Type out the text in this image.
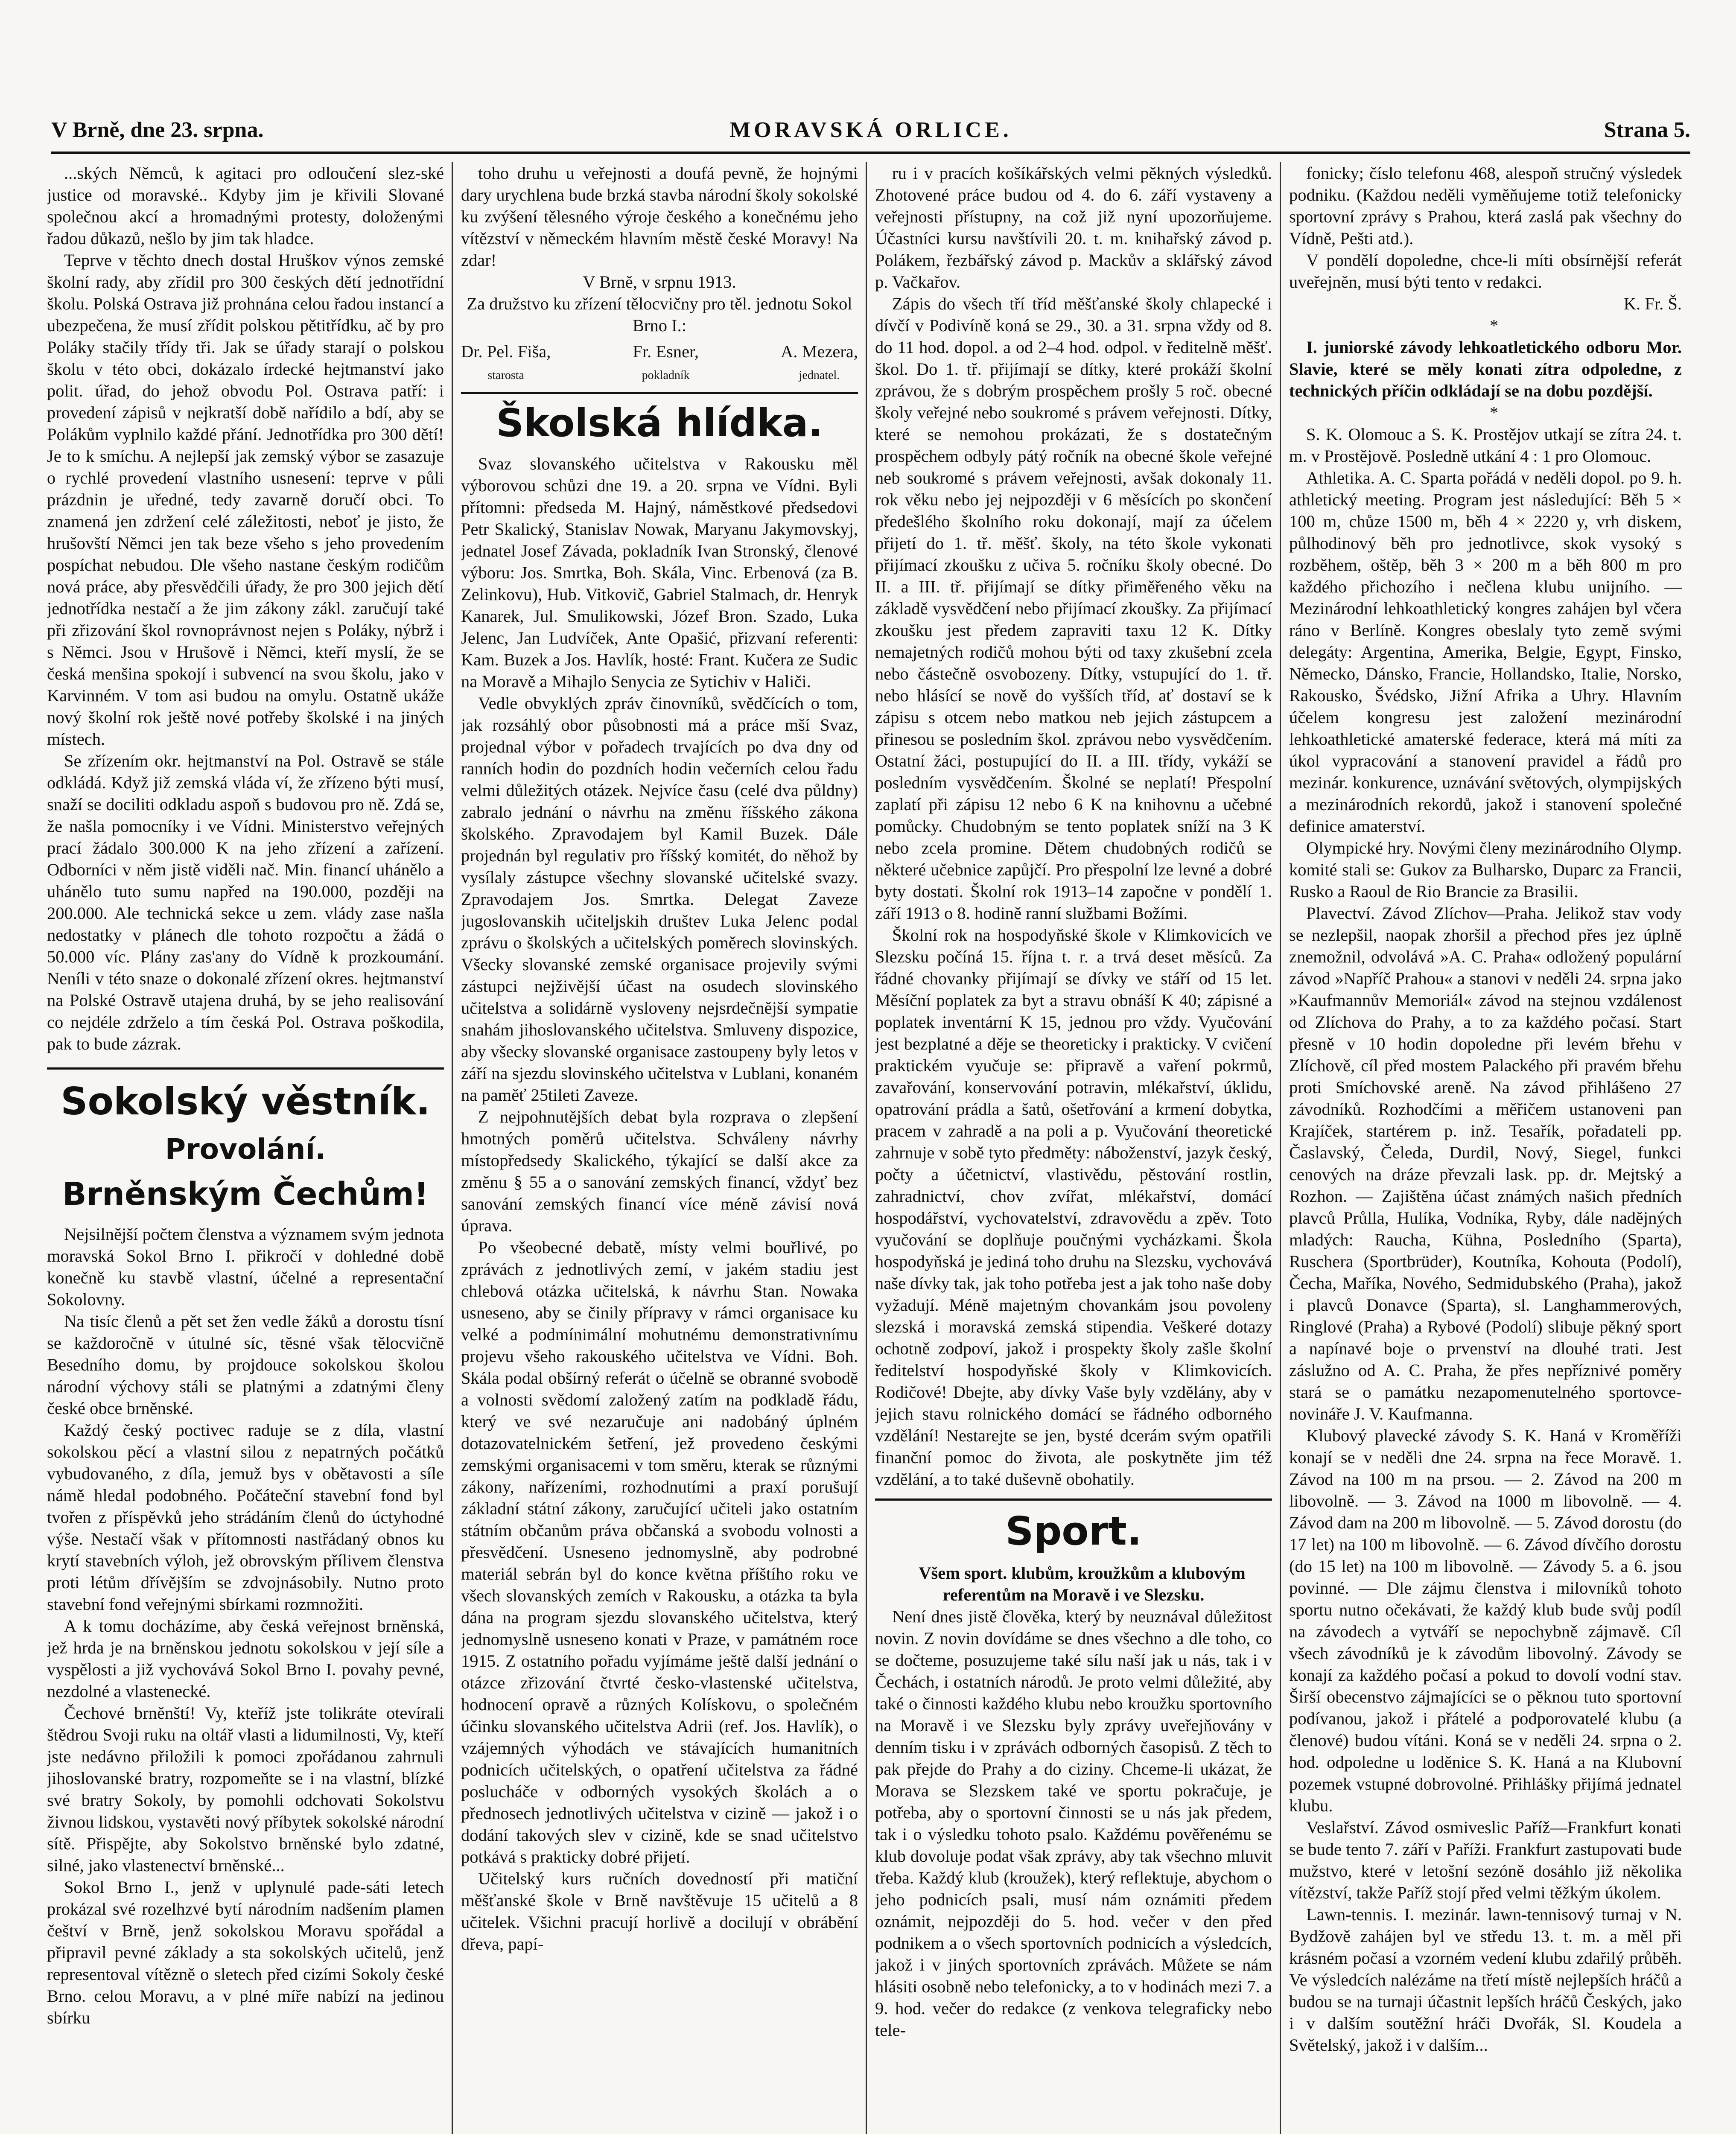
V Brně, dne 23. srpna.	MORAVSKÁ ORLICE.	Strana 5.

...ských Němců, k agitaci pro odloučení slez-ské justice od moravské.. Kdyby jim je křivili Slované společnou akcí a hromadnými protesty, doloženými řadou důkazů, nešlo by jim tak hladce.

Teprve v těchto dnech dostal Hruškov výnos zemské školní rady, aby zřídil pro 300 českých dětí jednotřídní školu. Polská Ostrava již prohnána celou řadou instancí a ubezpečena, že musí zřídit polskou pětitřídku, ač by pro Poláky stačily třídy tři. Jak se úřady starají o polskou školu v této obci, dokázalo írdecké hejtmanství jako polit. úřad, do jehož obvodu Pol. Ostrava patří: i provedení zápisů v nejkratší době nařídilo a bdí, aby se Polákům vyplnilo každé přání. Jednotřídka pro 300 dětí! Je to k smíchu. A nejlepší jak zemský výbor se zasazuje o rychlé provedení vlastního usnesení: teprve v půli prázdnin je uředné, tedy zavarně doručí obci. To znamená jen zdržení celé záležitosti, neboť je jisto, že hrušovští Němci jen tak beze všeho s jeho provedením pospíchat nebudou. Dle všeho nastane českým rodičům nová práce, aby přesvědčili úřady, že pro 300 jejich dětí jednotřídka nestačí a že jim zákony zákl. zaručují také při zřizování škol rovnoprávnost nejen s Poláky, nýbrž i s Němci. Jsou v Hrušově i Němci, kteří myslí, že se česká menšina spokojí i subvencí na svou školu, jako v Karvinném. V tom asi budou na omylu. Ostatně ukáže nový školní rok ještě nové potřeby školské i na jiných místech.

Se zřízením okr. hejtmanství na Pol. Ostravě se stále odkládá. Když již zemská vláda ví, že zřízeno býti musí, snaží se dociliti odkladu aspoň s budovou pro ně. Zdá se, že našla pomocníky i ve Vídni. Ministerstvo veřejných prací žádalo 300.000 K na jeho zřízení a zařízení. Odborníci v něm jistě viděli nač. Min. financí uhánělo a uhánělo tuto sumu napřed na 190.000, později na 200.000. Ale technická sekce u zem. vlády zase našla nedostatky v plánech dle tohoto rozpočtu a žádá o 50.000 víc. Plány zas'any do Vídně k prozkoumání. Neníli v této snaze o dokonalé zřízení okres. hejtmanství na Polské Ostravě utajena druhá, by se jeho realisování co nejdéle zdrželo a tím česká Pol. Ostrava poškodila, pak to bude zázrak.

Sokolský věstník.
Provolání.
Brněnským Čechům!

Nejsilnější počtem členstva a významem svým jednota moravská Sokol Brno I. přikročí v dohledné době konečně ku stavbě vlastní, účelné a representační Sokolovny.

Na tisíc členů a pět set žen vedle žáků a dorostu tísní se každoročně v útulné síc, těsné však tělocvičně Besedního domu, by projdouce sokolskou školou národní výchovy stáli se platnými a zdatnými členy české obce brněnské.

Každý český poctivec raduje se z díla, vlastní sokolskou pěcí a vlastní silou z nepatrných počátků vybudovaného, z díla, jemuž bys v obětavosti a síle námě hledal podobného. Počáteční stavební fond byl tvořen z příspěvků jeho strádáním členů do úctyhodné výše. Nestačí však v přítomnosti nastřádaný obnos ku krytí stavebních výloh, jež obrovským přílivem členstva proti létům dřívějším se zdvojnásobily. Nutno proto stavební fond veřejnými sbírkami rozmnožiti.

A k tomu docházíme, aby česká veřejnost brněnská, jež hrda je na brněnskou jednotu sokolskou v její síle a vyspělosti a již vychovává Sokol Brno I. povahy pevné, nezdolné a vlastenecké.

Čechové brněnští! Vy, kteříž jste tolikráte otevírali štědrou Svoji ruku na oltář vlasti a lidumilnosti, Vy, kteří jste nedávno přiložili k pomoci zpořádanou zahrnuli jihoslovanské bratry, rozpomeňte se i na vlastní, blízké své bratry Sokoly, by pomohli odchovati Sokolstvu živnou lidskou, vystavěti nový příbytek sokolské národní sítě. Přispějte, aby Sokolstvo brněnské bylo zdatné, silné, jako vlastenectví brněnské...

Sokol Brno I., jenž v uplynulé pade-sáti letech prokázal své rozelhzvé bytí národním nadšením plamen češtví v Brně, jenž sokolskou Moravu spořádal a připravil pevné základy a sta sokolských učitelů, jenž representoval vítězně o sletech před cizími Sokoly české Brno. celou Moravu, a v plné míře nabízí na jedinou sbírku

toho druhu u veřejnosti a doufá pevně, že hojnými dary urychlena bude brzká stavba národní školy sokolské ku zvýšení tělesného výroje českého a konečnému jeho vítězství v německém hlavním městě české Moravy! Na zdar!

V Brně, v srpnu 1913.

Za družstvo ku zřízení tělocvičny pro těl. jednotu Sokol Brno I.:

Dr. Pel. Fiša,
starosta
Fr. Esner,
pokladník
A. Mezera,
jednatel.
Školská hlídka.

Svaz slovanského učitelstva v Rakousku měl výborovou schůzi dne 19. a 20. srpna ve Vídni. Byli přítomni: předseda M. Hajný, náměstkové předsedovi Petr Skalický, Stanislav Nowak, Maryanu Jakymovskyj, jednatel Josef Závada, pokladník Ivan Stronský, členové výboru: Jos. Smrtka, Boh. Skála, Vinc. Erbenová (za B. Zelinkovu), Hub. Vitkovič, Gabriel Stalmach, dr. Henryk Kanarek, Jul. Smulikowski, Józef Bron. Szado, Luka Jelenc, Jan Ludvíček, Ante Opašić, přizvaní referenti: Kam. Buzek a Jos. Havlík, hosté: Frant. Kučera ze Sudic na Moravě a Mihajlo Senycia ze Sytichiv v Haliči.

Vedle obvyklých zpráv činovníků, svědčících o tom, jak rozsáhlý obor působnosti má a práce mší Svaz, projednal výbor v pořadech trvajících po dva dny od ranních hodin do pozdních hodin večerních celou řadu velmi důležitých otázek. Nejvíce času (celé dva půldny) zabralo jednání o návrhu na změnu říšského zákona školského. Zpravodajem byl Kamil Buzek. Dále projednán byl regulativ pro říšský komitét, do něhož by vysílaly zástupce všechny slovanské učitelské svazy. Zpravodajem Jos. Smrtka. Delegat Zaveze jugoslovanskih učiteljskih društev Luka Jelenc podal zprávu o školských a učitelských poměrech slovinských. Všecky slovanské zemské organisace projevily svými zástupci nejživější účast na osudech slovinského učitelstva a solidárně vysloveny nejsrdečnější sympatie snahám jihoslovanského učitelstva. Smluveny dispozice, aby všecky slovanské organisace zastoupeny byly letos v září na sjezdu slovinského učitelstva v Lublani, konaném na paměť 25tileti Zaveze.

Z nejpohnutějších debat byla rozprava o zlepšení hmotných poměrů učitelstva. Schváleny návrhy místopředsedy Skalického, týkající se další akce za změnu § 55 a o sanování zemských financí, vždyť bez sanování zemských financí více méně závisí nová úprava.

Po všeobecné debatě, místy velmi bouřlivé, po zprávách z jednotlivých zemí, v jakém stadiu jest chlebová otázka učitelská, k návrhu Stan. Nowaka usneseno, aby se činily přípravy v rámci organisace ku velké a podmínimální mohutnému demonstrativnímu projevu všeho rakouského učitelstva ve Vídni. Boh. Skála podal obšírný referát o účelně se obranné svobodě a volnosti svědomí založený zatím na podkladě řádu, který ve své nezaručuje ani nadobáný úplném dotazovatelnickém šetření, jež provedeno českými zemskými organisacemi v tom směru, kterak se různými zákony, nařízeními, rozhodnutími a praxí porušují základní státní zákony, zaručující učiteli jako ostatním státním občanům práva občanská a svobodu volnosti a přesvědčení. Usneseno jednomyslně, aby podrobné materiál sebrán byl do konce května příštího roku ve všech slovanských zemích v Rakousku, a otázka ta byla dána na program sjezdu slovanského učitelstva, který jednomyslně usneseno konati v Praze, v památném roce 1915. Z ostatního pořadu vyjímáme ještě další jednání o otázce zřizování čtvrté česko-vlastenské učitelstva, hodnocení opravě a různých Kolískovu, o společném účinku slovanského učitelstva Adrii (ref. Jos. Havlík), o vzájemných výhodách ve stávajících humanitních podnicích učitelských, o opatření učitelstva za řádné poslucháče v odborných vysokých školách a o přednosech jednotlivých učitelstva v cizině — jakož i o dodání takových slev v cizině, kde se snad učitelstvo potkává s prakticky dobré přijetí.

Učitelský kurs ručních dovedností při matiční měšťanské škole v Brně navštěvuje 15 učitelů a 8 učitelek. Všichni pracují horlivě a docilují v obrábění dřeva, papí-

ru i v pracích košíkářských velmi pěkných výsledků. Zhotovené práce budou od 4. do 6. září vystaveny a veřejnosti přístupny, na což již nyní upozorňujeme. Účastníci kursu navštívili 20. t. m. knihařský závod p. Polákem, řezbářský závod p. Mackův a sklářský závod p. Vačkařov.

Zápis do všech tří tříd měšťanské školy chlapecké i dívčí v Podivíně koná se 29., 30. a 31. srpna vždy od 8. do 11 hod. dopol. a od 2–4 hod. odpol. v ředitelně měšť. škol. Do 1. tř. přijímají se dítky, které prokáží školní zprávou, že s dobrým prospěchem prošly 5 roč. obecné školy veřejné nebo soukromé s právem veřejnosti. Dítky, které se nemohou prokázati, že s dostatečným prospěchem odbyly pátý ročník na obecné škole veřejné neb soukromé s právem veřejnosti, avšak dokonaly 11. rok věku nebo jej nejpozději v 6 měsících po skončení předešlého školního roku dokonají, mají za účelem přijetí do 1. tř. měšť. školy, na této škole vykonati přijímací zkoušku z učiva 5. ročníku školy obecné. Do II. a III. tř. přijímají se dítky přiměřeného věku na základě vysvědčení nebo přijímací zkoušky. Za přijímací zkoušku jest předem zapraviti taxu 12 K. Dítky nemajetných rodičů mohou býti od taxy zkušební zcela nebo částečně osvobozeny. Dítky, vstupující do 1. tř. nebo hlásící se nově do vyšších tříd, ať dostaví se k zápisu s otcem nebo matkou neb jejich zástupcem a přinesou se posledním škol. zprávou nebo vysvědčením. Ostatní žáci, postupující do II. a III. třídy, vykáží se posledním vysvědčením. Školné se neplatí! Přespolní zaplatí při zápisu 12 nebo 6 K na knihovnu a učebné pomůcky. Chudobným se tento poplatek sníží na 3 K nebo zcela promine. Dětem chudobných rodičů se některé učebnice zapůjčí. Pro přespolní lze levné a dobré byty dostati. Školní rok 1913–14 započne v pondělí 1. září 1913 o 8. hodině ranní službami Božími.

Školní rok na hospodyňské škole v Klimkovicích ve Slezsku počíná 15. října t. r. a trvá deset měsíců. Za řádné chovanky přijímají se dívky ve stáří od 15 let. Měsíční poplatek za byt a stravu obnáší K 40; zápisné a poplatek inventární K 15, jednou pro vždy. Vyučování jest bezplatné a děje se theoreticky i prakticky. V cvičení praktickém vyučuje se: připravě a vaření pokrmů, zavařování, konservování potravin, mlékařství, úklidu, opatrování prádla a šatů, ošetřování a krmení dobytka, pracem v zahradě a na poli a p. Vyučování theoretické zahrnuje v sobě tyto předměty: náboženství, jazyk český, počty a účetnictví, vlastivědu, pěstování rostlin, zahradnictví, chov zvířat, mlékařství, domácí hospodářství, vychovatelství, zdravovědu a zpěv. Toto vyučování se doplňuje poučnými vycházkami. Škola hospodyňská je jediná toho druhu na Slezsku, vychovává naše dívky tak, jak toho potřeba jest a jak toho naše doby vyžadují. Méně majetným chovankám jsou povoleny slezská i moravská zemská stipendia. Veškeré dotazy ochotně zodpoví, jakož i prospekty školy zašle školní ředitelství hospodyňské školy v Klimkovicích. Rodičové! Dbejte, aby dívky Vaše byly vzdělány, aby v jejich stavu rolnického domácí se řádného odborného vzdělání! Nestarejte se jen, bysté dcerám svým opatřili finanční pomoc do života, ale poskytněte jim též vzdělání, a to také duševně obohatily.

Sport.

Všem sport. klubům, kroužkům a klubovým referentům na Moravě i ve Slezsku.

Není dnes jistě člověka, který by neuznával důležitost novin. Z novin dovídáme se dnes všechno a dle toho, co se dočteme, posuzujeme také sílu naší jak u nás, tak i v Čechách, i ostatních národů. Je proto velmi důležité, aby také o činnosti každého klubu nebo kroužku sportovního na Moravě i ve Slezsku byly zprávy uveřejňovány v denním tisku i v zprávách odborných časopisů. Z těch to pak přejde do Prahy a do ciziny. Chceme-li ukázat, že Morava se Slezskem také ve sportu pokračuje, je potřeba, aby o sportovní činnosti se u nás jak předem, tak i o výsledku tohoto psalo. Každému pověřenému se klub dovoluje podat však zprávy, aby tak všechno mluvit třeba. Každý klub (kroužek), který reflektuje, abychom o jeho podnicích psali, musí nám oznámiti předem oznámit, nejpozději do 5. hod. večer v den před podnikem a o všech sportovních podnicích a výsledcích, jakož i v jiných sportovních zprávách. Můžete se nám hlásiti osobně nebo telefonicky, a to v hodinách mezi 7. a 9. hod. večer do redakce (z venkova telegraficky nebo tele-

fonicky; číslo telefonu 468, alespoň stručný výsledek podniku. (Každou neděli vyměňujeme totiž telefonicky sportovní zprávy s Prahou, která zaslá pak všechny do Vídně, Pešti atd.).

V pondělí dopoledne, chce-li míti obsírnější referát uveřejněn, musí býti tento v redakci.

K. Fr. Š.

*

I. juniorské závody lehkoatletického odboru Mor. Slavie, které se měly konati zítra odpoledne, z technických příčin odkládají se na dobu pozdější.

*

S. K. Olomouc a S. K. Prostějov utkají se zítra 24. t. m. v Prostějově. Posledně utkání 4 : 1 pro Olomouc.

Athletika. A. C. Sparta pořádá v neděli dopol. po 9. h. athletický meeting. Program jest následující: Běh 5 × 100 m, chůze 1500 m, běh 4 × 2220 y, vrh diskem, půlhodinový běh pro jednotlivce, skok vysoký s rozběhem, oštěp, běh 3 × 200 m a běh 800 m pro každého přichozího i nečlena klubu unijního. — Mezinárodní lehkoathletický kongres zahájen byl včera ráno v Berlíně. Kongres obeslaly tyto země svými delegáty: Argentina, Amerika, Belgie, Egypt, Finsko, Německo, Dánsko, Francie, Hollandsko, Italie, Norsko, Rakousko, Švédsko, Jižní Afrika a Uhry. Hlavním účelem kongresu jest založení mezinárodní lehkoathletické amaterské federace, která má míti za úkol vypracování a stanovení pravidel a řádů pro mezinár. konkurence, uznávání světových, olympijských a mezinárodních rekordů, jakož i stanovení společné definice amaterství.

Olympické hry. Novými členy mezinárodního Olymp. komité stali se: Gukov za Bulharsko, Duparc za Francii, Rusko a Raoul de Rio Brancie za Brasilii.

Plavectví. Závod Zlíchov—Praha. Jelikož stav vody se nezlepšil, naopak zhoršil a přechod přes jez úplně znemožnil, odvolává »A. C. Praha« odložený populární závod »Napříč Prahou« a stanovi v neděli 24. srpna jako »Kaufmannův Memoriál« závod na stejnou vzdálenost od Zlíchova do Prahy, a to za každého počasí. Start přesně v 10 hodin dopoledne při levém břehu v Zlíchově, cíl před mostem Palackého při pravém břehu proti Smíchovské areně. Na závod přihlášeno 27 závodníků. Rozhodčími a měřičem ustanoveni pan Krajíček, startérem p. inž. Tesařík, pořadateli pp. Časlavský, Čeleda, Durdil, Nový, Siegel, funkci cenových na dráze převzali lask. pp. dr. Mejtský a Rozhon. — Zajištěna účast známých našich předních plavců Průlla, Hulíka, Vodníka, Ryby, dále nadějných mladých: Raucha, Kühna, Posledního (Sparta), Ruschera (Sportbrüder), Koutníka, Kohouta (Podolí), Čecha, Maříka, Nového, Sedmidubského (Praha), jakož i plavců Donavce (Sparta), sl. Langhammerových, Ringlové (Praha) a Rybové (Podolí) slibuje pěkný sport a napínavé boje o prvenství na dlouhé trati. Jest záslužno od A. C. Praha, že přes nepříznivé poměry stará se o památku nezapomenutelného sportovce-novináře J. V. Kaufmanna.

Klubový plavecké závody S. K. Haná v Kroměříži konají se v neděli dne 24. srpna na řece Moravě. 1. Závod na 100 m na prsou. — 2. Závod na 200 m libovolně. — 3. Závod na 1000 m libovolně. — 4. Závod dam na 200 m libovolně. — 5. Závod dorostu (do 17 let) na 100 m libovolně. — 6. Závod dívčího dorostu (do 15 let) na 100 m libovolně. — Závody 5. a 6. jsou povinné. — Dle zájmu členstva i milovníků tohoto sportu nutno očekávati, že každý klub bude svůj podíl na závodech a vytváří se nepochybně zájmavě. Cíl všech závodníků je k závodům libovolný. Závody se konají za každého počasí a pokud to dovolí vodní stav. Širší obecenstvo zájmajícíci se o pěknou tuto sportovní podívanou, jakož i přátelé a podporovatelé klubu (a členové) budou vítáni. Koná se v neděli 24. srpna o 2. hod. odpoledne u loděnice S. K. Haná a na Klubovní pozemek vstupné dobrovolné. Přihlášky přijímá jednatel klubu.

Veslařství. Závod osmiveslic Paříž—Frankfurt konati se bude tento 7. září v Paříži. Frankfurt zastupovati bude mužstvo, které v letošní sezóně dosáhlo již několika vítězství, takže Paříž stojí před velmi těžkým úkolem.

Lawn-tennis. I. mezinár. lawn-tennisový turnaj v N. Bydžově zahájen byl ve středu 13. t. m. a měl při krásném počasí a vzorném vedení klubu zdařilý průběh. Ve výsledcích nalézáme na třetí místě nejlepších hráčů a budou se na turnaji účastnit lepších hráčů Českých, jako i v dalším soutěžní hráči Dvořák, Sl. Koudela a Světelský, jakož i v dalším...
